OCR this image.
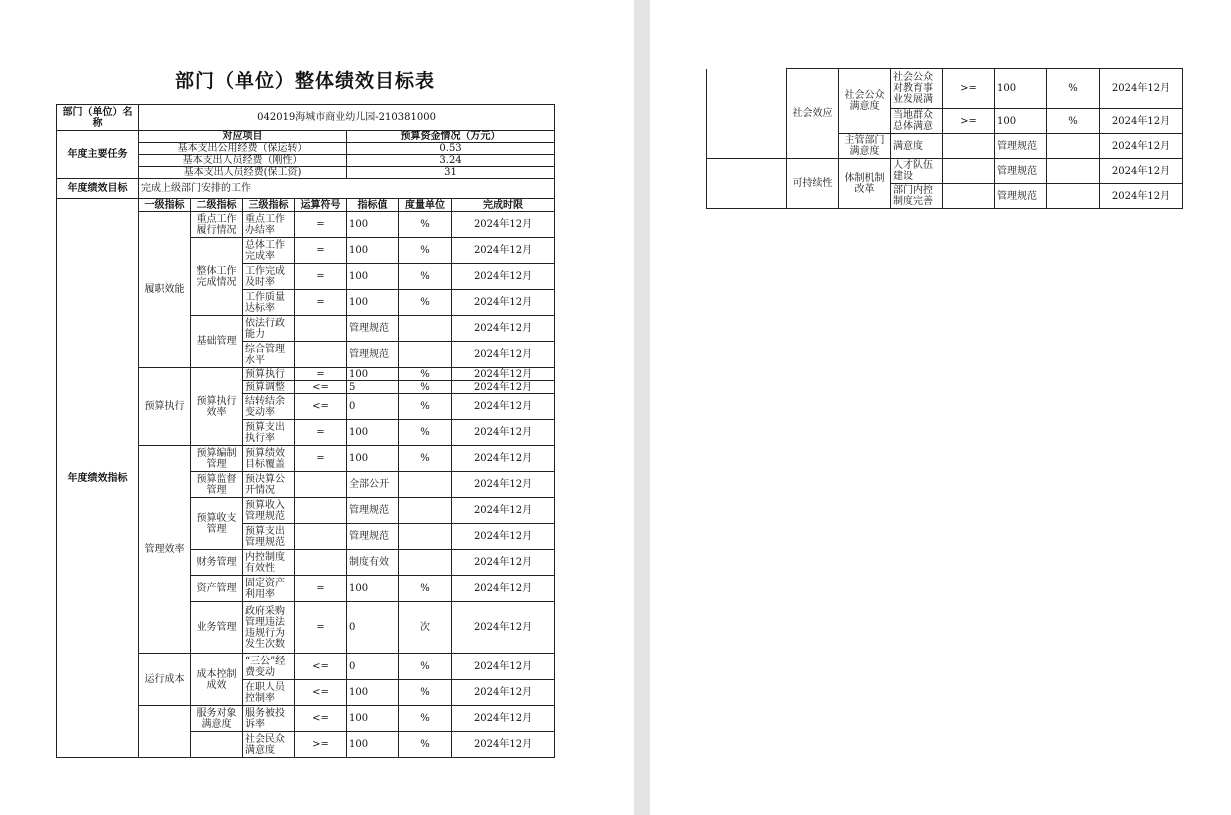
部门（单位）整体绩效目标表
部门（单位）名称	042019海城市商业幼儿园-210381000						
年度主要任务	对应项目				预算资金情况（万元）		
	基本支出公用经费（保运转）				0.53		
	基本支出人员经费（刚性）				3.24		
	基本支出人员经费(保工资)				31		
年度绩效目标	完成上级部门安排的工作						
年度绩效指标	一级指标	二级指标	三级指标	运算符号	指标值	度量单位	完成时限
	履职效能	重点工作履行情况	重点工作办结率	=	100	%	2024年12月
		整体工作完成情况	总体工作完成率	=	100	%	2024年12月
			工作完成及时率	=	100	%	2024年12月
			工作质量达标率	=	100	%	2024年12月
		基础管理	依法行政能力		管理规范		2024年12月
			综合管理水平		管理规范		2024年12月
	预算执行	预算执行效率	预算执行	=	100	%	2024年12月
			预算调整	<=	5	%	2024年12月
			结转结余变动率	<=	0	%	2024年12月
			预算支出执行率	=	100	%	2024年12月
	管理效率	预算编制管理	预算绩效目标覆盖	=	100	%	2024年12月
		预算监督管理	预决算公开情况		全部公开		2024年12月
		预算收支管理	预算收入管理规范		管理规范		2024年12月
			预算支出管理规范		管理规范		2024年12月
		财务管理	内控制度有效性		制度有效		2024年12月
		资产管理	固定资产利用率	=	100	%	2024年12月
		业务管理	政府采购管理违法违规行为发生次数	=	0	次	2024年12月
	运行成本	成本控制成效	“三公”经费变动	<=	0	%	2024年12月
			在职人员控制率	<=	100	%	2024年12月
		服务对象满意度	服务被投诉率	<=	100	%	2024年12月
			社会民众满意度	>=	100	%	2024年12月
	社会效应	社会公众满意度	社会公众对教育事业发展满	>=	100	%	2024年12月
			当地群众总体满意	>=	100	%	2024年12月
		主管部门满意度	满意度		管理规范		2024年12月
	可持续性	体制机制改革	人才队伍建设		管理规范		2024年12月
			部门内控制度完善		管理规范		2024年12月
